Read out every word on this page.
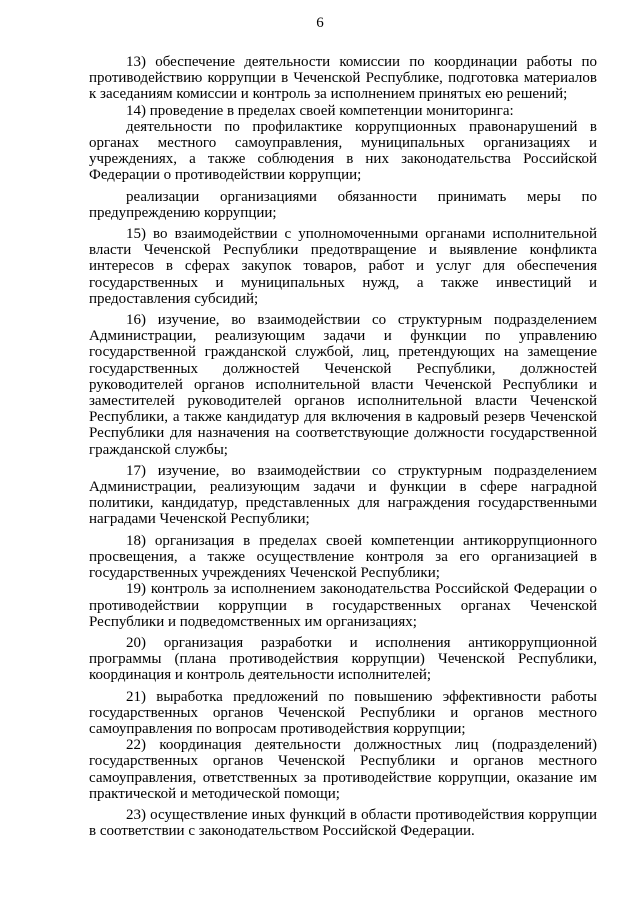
6

13) обеспечение деятельности комиссии по координации работы по противодействию коррупции в Чеченской Республике, подготовка материалов к заседаниям комиссии и контроль за исполнением принятых ею решений;

14) проведение в пределах своей компетенции мониторинга:

деятельности по профилактике коррупционных правонарушений в органах местного самоуправления, муниципальных организациях и учреждениях, а также соблюдения в них законодательства Российской Федерации о противодействии коррупции;

реализации организациями обязанности принимать меры по предупреждению коррупции;

15) во взаимодействии с уполномоченными органами исполнительной власти Чеченской Республики предотвращение и выявление конфликта интересов в сферах закупок товаров, работ и услуг для обеспечения государственных и муниципальных нужд, а также инвестиций и предоставления субсидий;

16) изучение, во взаимодействии со структурным подразделением Администрации, реализующим задачи и функции по управлению государственной гражданской службой, лиц, претендующих на замещение государственных должностей Чеченской Республики, должностей руководителей органов исполнительной власти Чеченской Республики и заместителей руководителей органов исполнительной власти Чеченской Республики, а также кандидатур для включения в кадровый резерв Чеченской Республики для назначения на соответствующие должности государственной гражданской службы;

17) изучение, во взаимодействии со структурным подразделением Администрации, реализующим задачи и функции в сфере наградной политики, кандидатур, представленных для награждения государственными наградами Чеченской Республики;

18) организация в пределах своей компетенции антикоррупционного просвещения, а также осуществление контроля за его организацией в государственных учреждениях Чеченской Республики;

19) контроль за исполнением законодательства Российской Федерации о противодействии коррупции в государственных органах Чеченской Республики и подведомственных им организациях;

20) организация разработки и исполнения антикоррупционной программы (плана противодействия коррупции) Чеченской Республики, координация и контроль деятельности исполнителей;

21) выработка предложений по повышению эффективности работы государственных органов Чеченской Республики и органов местного самоуправления по вопросам противодействия коррупции;

22) координация деятельности должностных лиц (подразделений) государственных органов Чеченской Республики и органов местного самоуправления, ответственных за противодействие коррупции, оказание им практической и методической помощи;

23) осуществление иных функций в области противодействия коррупции в соответствии с законодательством Российской Федерации.
